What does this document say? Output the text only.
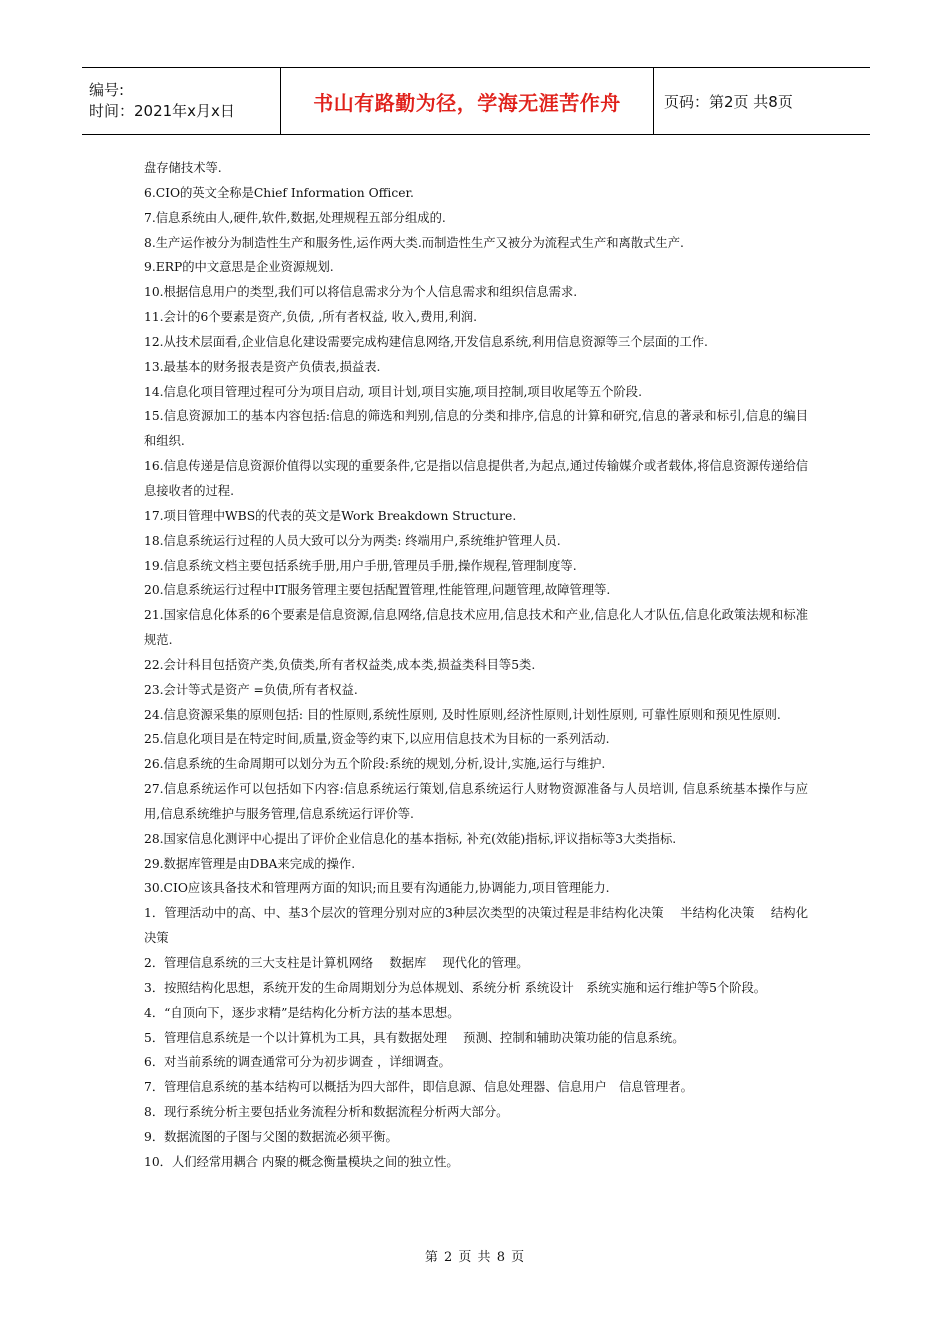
编号:
时间：2021年x月x日	书山有路勤为径，学海无涯苦作舟	页码：第2页 共8页

盘存储技术等.

6.CIO的英文全称是Chief Information Officer.

7.信息系统由人,硬件,软件,数据,处理规程五部分组成的.

8.生产运作被分为制造性生产和服务性,运作两大类.而制造性生产又被分为流程式生产和离散式生产.

9.ERP的中文意思是企业资源规划.

10.根据信息用户的类型,我们可以将信息需求分为个人信息需求和组织信息需求.

11.会计的6个要素是资产,负债, ,所有者权益, 收入,费用,利润.

12.从技术层面看,企业信息化建设需要完成构建信息网络,开发信息系统,利用信息资源等三个层面的工作.

13.最基本的财务报表是资产负债表,损益表.

14.信息化项目管理过程可分为项目启动, 项目计划,项目实施,项目控制,项目收尾等五个阶段.

15.信息资源加工的基本内容包括:信息的筛选和判别,信息的分类和排序,信息的计算和研究,信息的著录和标引,信息的编目和组织.

16.信息传递是信息资源价值得以实现的重要条件,它是指以信息提供者,为起点,通过传输媒介或者载体,将信息资源传递给信息接收者的过程.

17.项目管理中WBS的代表的英文是Work Breakdown Structure.

18.信息系统运行过程的人员大致可以分为两类: 终端用户,系统维护管理人员.

19.信息系统文档主要包括系统手册,用户手册,管理员手册,操作规程,管理制度等.

20.信息系统运行过程中IT服务管理主要包括配置管理,性能管理,问题管理,故障管理等.

21.国家信息化体系的6个要素是信息资源,信息网络,信息技术应用,信息技术和产业,信息化人才队伍,信息化政策法规和标准规范.

22.会计科目包括资产类,负债类,所有者权益类,成本类,损益类科目等5类.

23.会计等式是资产 =负债,所有者权益.

24.信息资源采集的原则包括: 目的性原则,系统性原则, 及时性原则,经济性原则,计划性原则, 可靠性原则和预见性原则.

25.信息化项目是在特定时间,质量,资金等约束下,以应用信息技术为目标的一系列活动.

26.信息系统的生命周期可以划分为五个阶段:系统的规划,分析,设计,实施,运行与维护.

27.信息系统运作可以包括如下内容:信息系统运行策划,信息系统运行人财物资源准备与人员培训, 信息系统基本操作与应用,信息系统维护与服务管理,信息系统运行评价等.

28.国家信息化测评中心提出了评价企业信息化的基本指标, 补充(效能)指标,评议指标等3大类指标.

29.数据库管理是由DBA来完成的操作.

30.CIO应该具备技术和管理两方面的知识;而且要有沟通能力,协调能力,项目管理能力.

1．管理活动中的高、中、基3个层次的管理分别对应的3种层次类型的决策过程是非结构化决策　 半结构化决策　 结构化决策

2．管理信息系统的三大支柱是计算机网络　 数据库　 现代化的管理。

3．按照结构化思想，系统开发的生命周期划分为总体规划、系统分析 系统设计　系统实施和运行维护等5个阶段。

4．“自顶向下，逐步求精”是结构化分析方法的基本思想。

5．管理信息系统是一个以计算机为工具，具有数据处理　 预测、控制和辅助决策功能的信息系统。

6．对当前系统的调查通常可分为初步调查 ，详细调查。

7．管理信息系统的基本结构可以概括为四大部件，即信息源、信息处理器、信息用户　信息管理者。

8．现行系统分析主要包括业务流程分析和数据流程分析两大部分。

9．数据流图的子图与父图的数据流必须平衡。

10．人们经常用耦合 内聚的概念衡量模块之间的独立性。

第 2 页 共 8 页
